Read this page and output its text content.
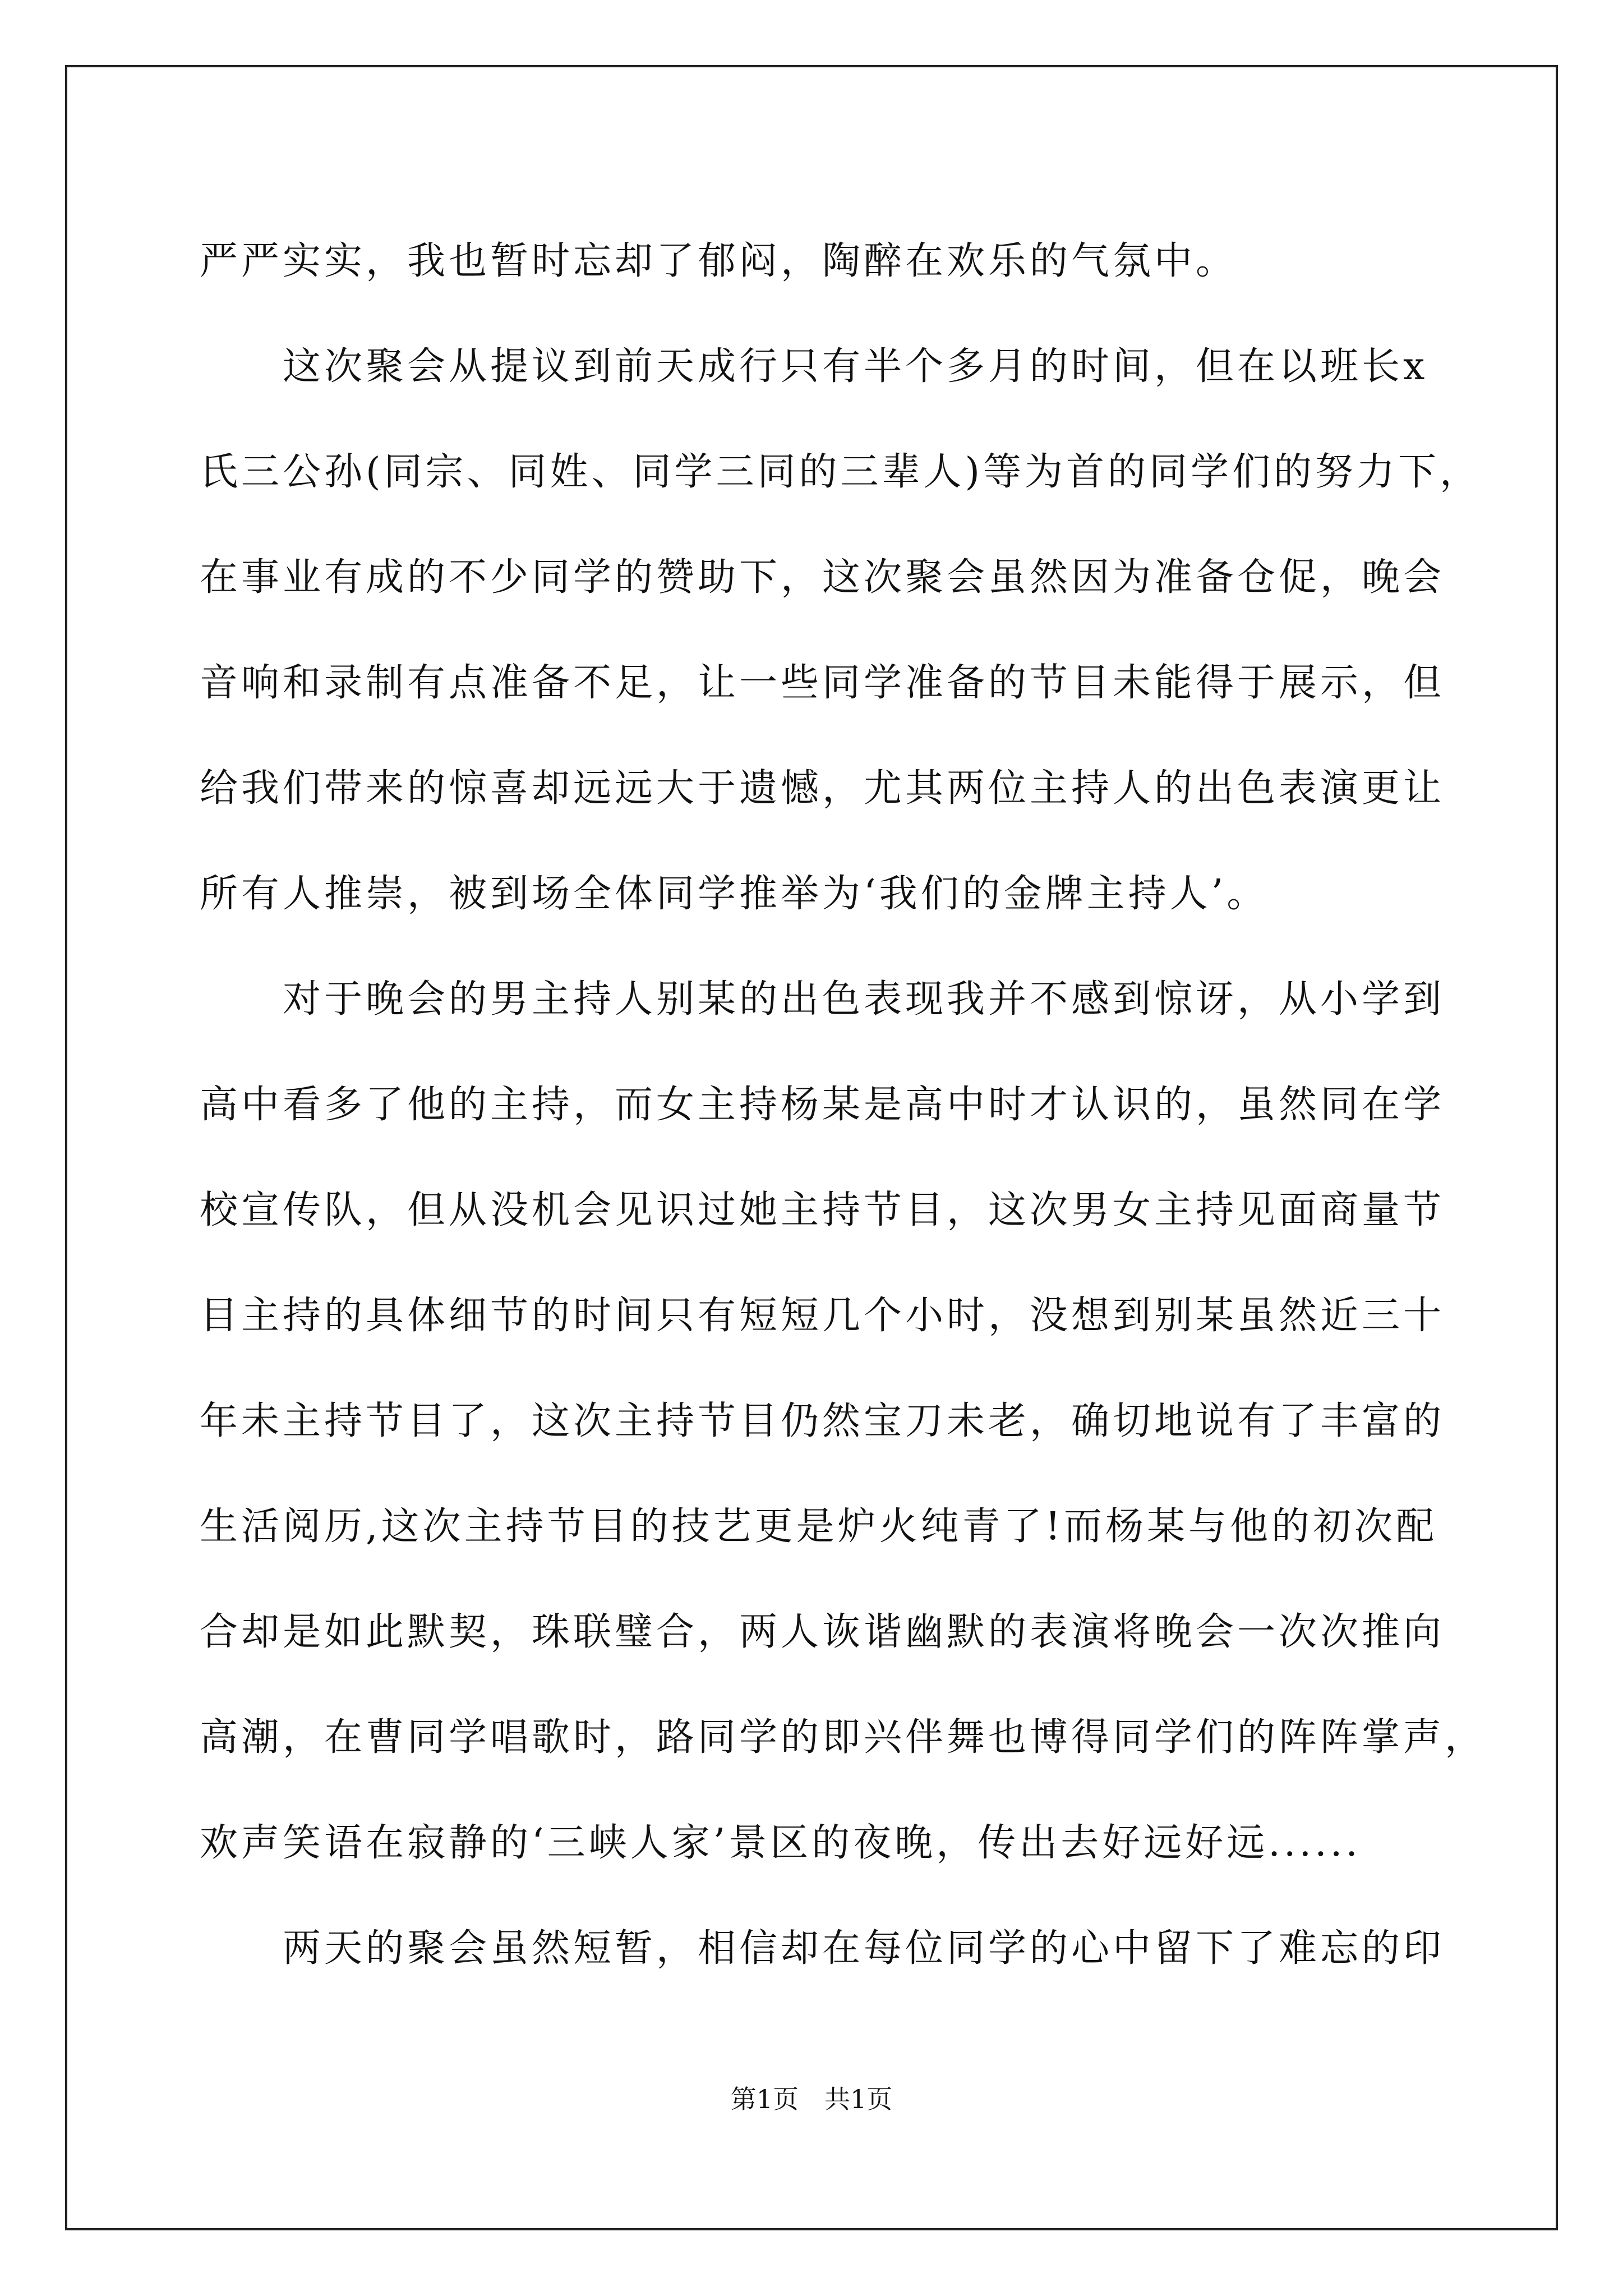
严严实实，我也暂时忘却了郁闷，陶醉在欢乐的气氛中。
这次聚会从提议到前天成行只有半个多月的时间，但在以班长x
氏三公孙(同宗、同姓、同学三同的三辈人)等为首的同学们的努力下，
在事业有成的不少同学的赞助下，这次聚会虽然因为准备仓促，晚会
音响和录制有点准备不足，让一些同学准备的节目未能得于展示，但
给我们带来的惊喜却远远大于遗憾，尤其两位主持人的出色表演更让
所有人推崇，被到场全体同学推举为‘我们的金牌主持人’。
对于晚会的男主持人别某的出色表现我并不感到惊讶，从小学到
高中看多了他的主持，而女主持杨某是高中时才认识的，虽然同在学
校宣传队，但从没机会见识过她主持节目，这次男女主持见面商量节
目主持的具体细节的时间只有短短几个小时，没想到别某虽然近三十
年未主持节目了，这次主持节目仍然宝刀未老，确切地说有了丰富的
生活阅历,这次主持节目的技艺更是炉火纯青了!而杨某与他的初次配
合却是如此默契，珠联璧合，两人诙谐幽默的表演将晚会一次次推向
高潮，在曹同学唱歌时，路同学的即兴伴舞也博得同学们的阵阵掌声，
欢声笑语在寂静的‘三峡人家’景区的夜晚，传出去好远好远......
两天的聚会虽然短暂，相信却在每位同学的心中留下了难忘的印
第1页　共1页
